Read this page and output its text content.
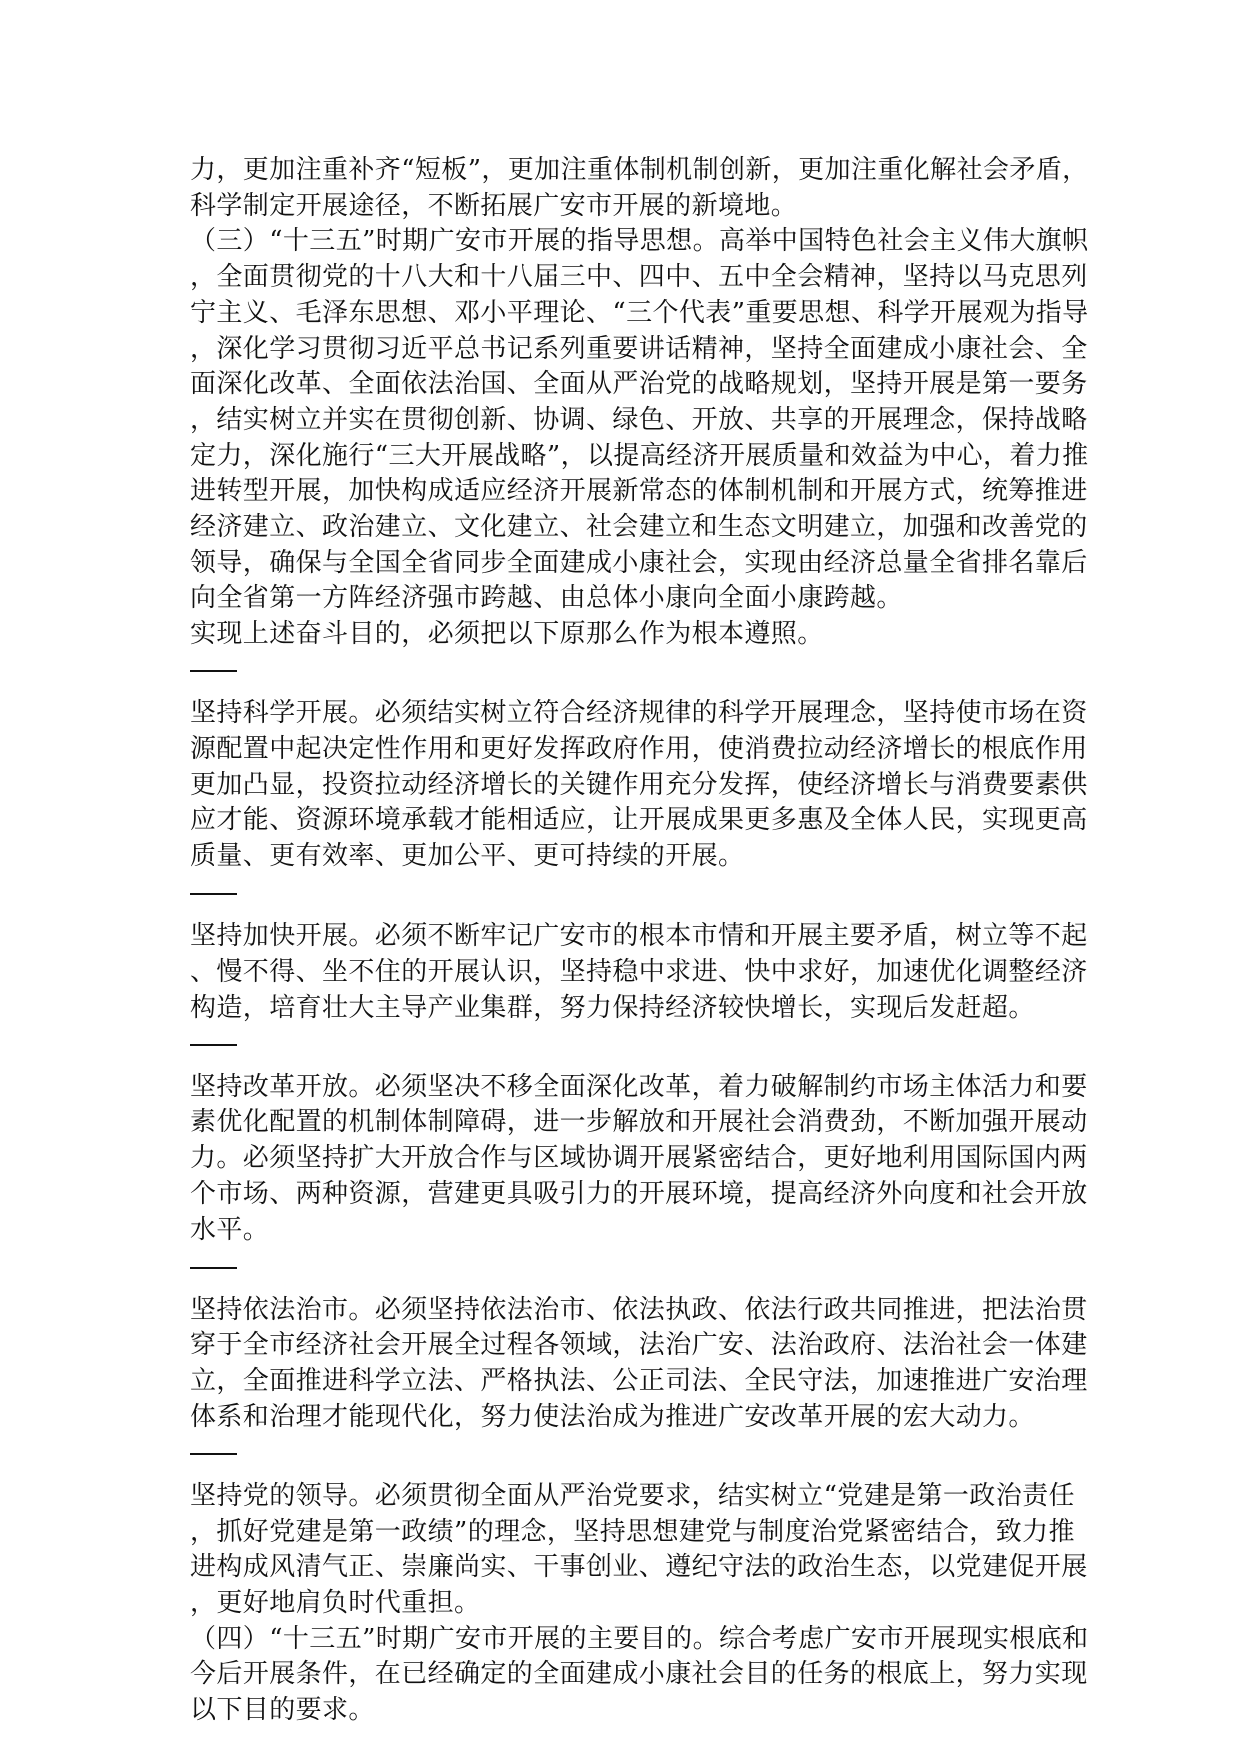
力，更加注重补齐“短板”，更加注重体制机制创新，更加注重化解社会矛盾，
科学制定开展途径，不断拓展广安市开展的新境地。
（三）“十三五”时期广安市开展的指导思想。高举中国特色社会主义伟大旗帜
，全面贯彻党的十八大和十八届三中、四中、五中全会精神，坚持以马克思列
宁主义、毛泽东思想、邓小平理论、“三个代表”重要思想、科学开展观为指导
，深化学习贯彻习近平总书记系列重要讲话精神，坚持全面建成小康社会、全
面深化改革、全面依法治国、全面从严治党的战略规划，坚持开展是第一要务
，结实树立并实在贯彻创新、协调、绿色、开放、共享的开展理念，保持战略
定力，深化施行“三大开展战略”，以提高经济开展质量和效益为中心，着力推
进转型开展，加快构成适应经济开展新常态的体制机制和开展方式，统筹推进
经济建立、政治建立、文化建立、社会建立和生态文明建立，加强和改善党的
领导，确保与全国全省同步全面建成小康社会，实现由经济总量全省排名靠后
向全省第一方阵经济强市跨越、由总体小康向全面小康跨越。
实现上述奋斗目的，必须把以下原那么作为根本遵照。
坚持科学开展。必须结实树立符合经济规律的科学开展理念，坚持使市场在资
源配置中起决定性作用和更好发挥政府作用，使消费拉动经济增长的根底作用
更加凸显，投资拉动经济增长的关键作用充分发挥，使经济增长与消费要素供
应才能、资源环境承载才能相适应，让开展成果更多惠及全体人民，实现更高
质量、更有效率、更加公平、更可持续的开展。
坚持加快开展。必须不断牢记广安市的根本市情和开展主要矛盾，树立等不起
、慢不得、坐不住的开展认识，坚持稳中求进、快中求好，加速优化调整经济
构造，培育壮大主导产业集群，努力保持经济较快增长，实现后发赶超。
坚持改革开放。必须坚决不移全面深化改革，着力破解制约市场主体活力和要
素优化配置的机制体制障碍，进一步解放和开展社会消费劲，不断加强开展动
力。必须坚持扩大开放合作与区域协调开展紧密结合，更好地利用国际国内两
个市场、两种资源，营建更具吸引力的开展环境，提高经济外向度和社会开放
水平。
坚持依法治市。必须坚持依法治市、依法执政、依法行政共同推进，把法治贯
穿于全市经济社会开展全过程各领域，法治广安、法治政府、法治社会一体建
立，全面推进科学立法、严格执法、公正司法、全民守法，加速推进广安治理
体系和治理才能现代化，努力使法治成为推进广安改革开展的宏大动力。
坚持党的领导。必须贯彻全面从严治党要求，结实树立“党建是第一政治责任
，抓好党建是第一政绩”的理念，坚持思想建党与制度治党紧密结合，致力推
进构成风清气正、崇廉尚实、干事创业、遵纪守法的政治生态，以党建促开展
，更好地肩负时代重担。
（四）“十三五”时期广安市开展的主要目的。综合考虑广安市开展现实根底和
今后开展条件，在已经确定的全面建成小康社会目的任务的根底上，努力实现
以下目的要求。
